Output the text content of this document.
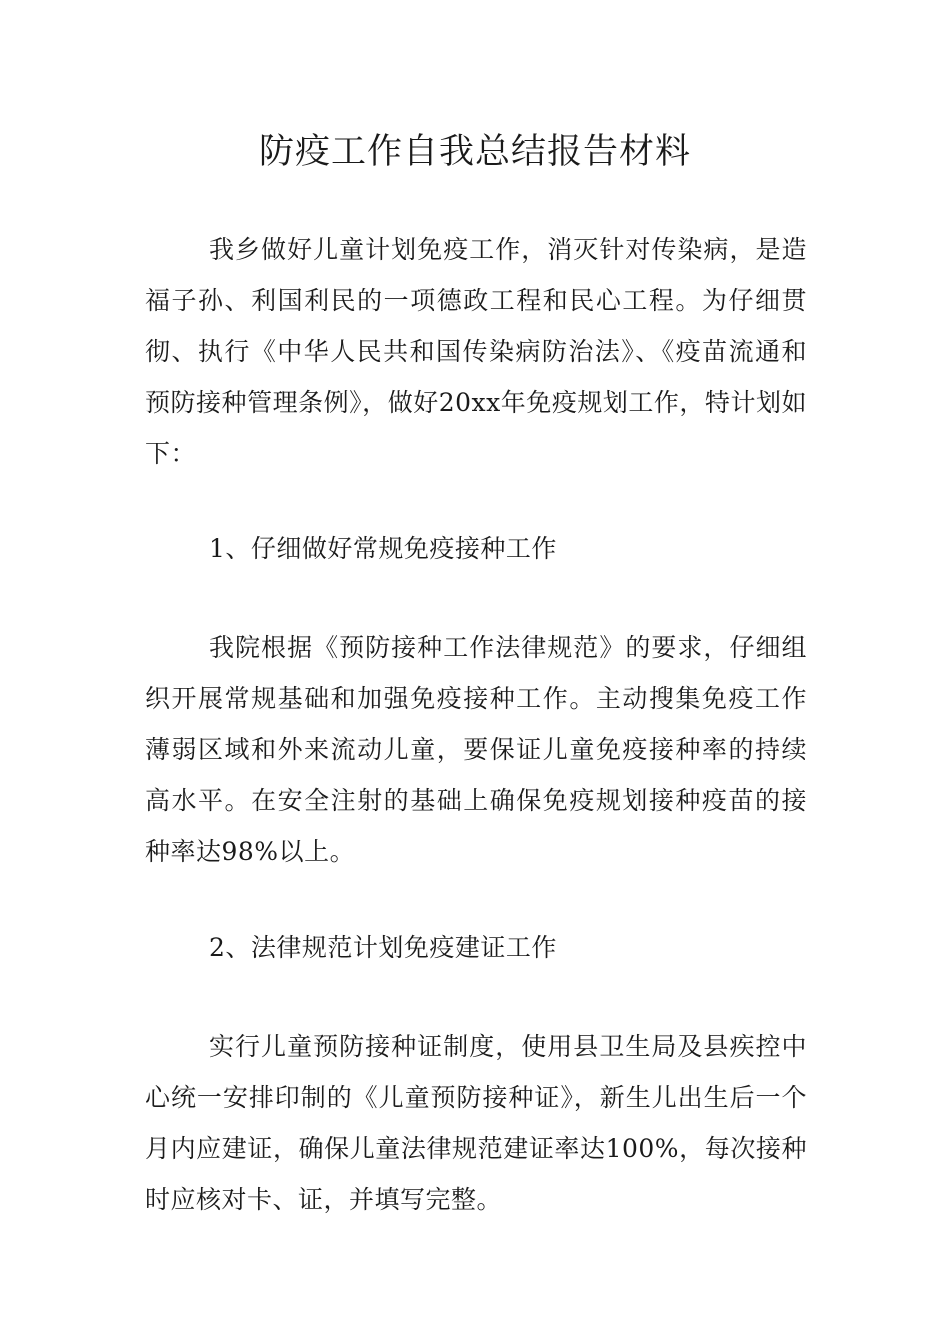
防疫工作自我总结报告材料

我乡做好儿童计划免疫工作，消灭针对传染病，是造福子孙、利国利民的一项德政工程和民心工程。为仔细贯彻、执行《中华人民共和国传染病防治法》、《疫苗流通和预防接种管理条例》，做好20xx年免疫规划工作，特计划如下：

1、仔细做好常规免疫接种工作

我院根据《预防接种工作法律规范》的要求，仔细组织开展常规基础和加强免疫接种工作。主动搜集免疫工作薄弱区域和外来流动儿童，要保证儿童免疫接种率的持续高水平。在安全注射的基础上确保免疫规划接种疫苗的接种率达98%以上。

2、法律规范计划免疫建证工作

实行儿童预防接种证制度，使用县卫生局及县疾控中心统一安排印制的《儿童预防接种证》，新生儿出生后一个月内应建证，确保儿童法律规范建证率达100%，每次接种时应核对卡、证，并填写完整。
